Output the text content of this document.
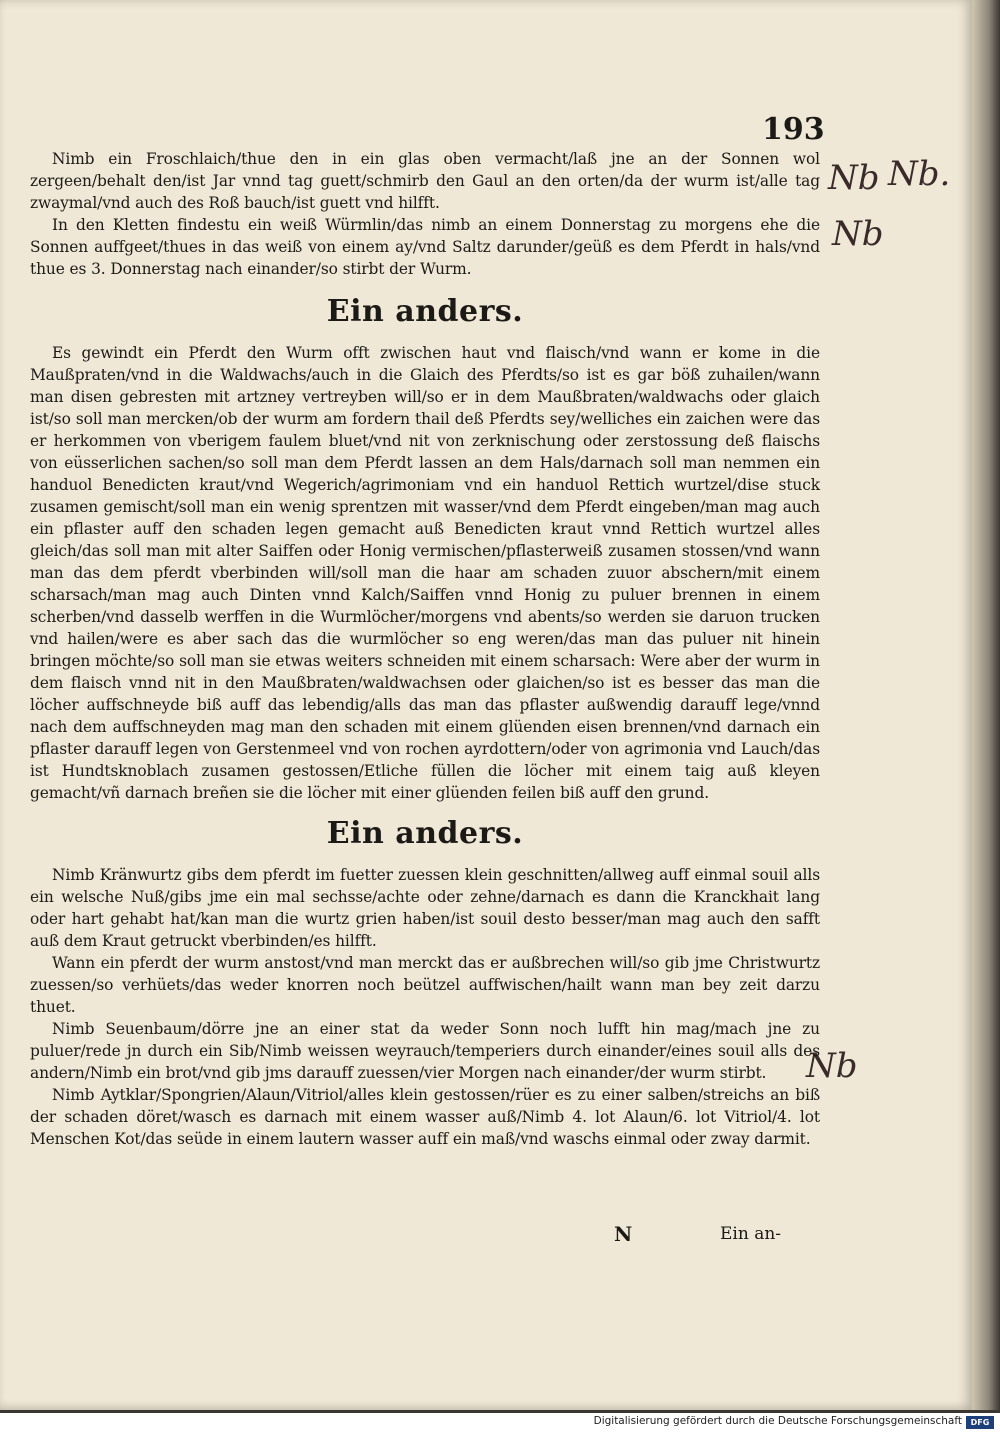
193
Nb Nb.
Nb
Nb

Nimb ein Froschlaich/thue den in ein glas oben vermacht/laß jne an der Sonnen wol zergeen/behalt den/ist Jar vnnd tag guett/schmirb den Gaul an den orten/da der wurm ist/alle tag zwaymal/vnd auch des Roß bauch/ist guett vnd hilfft.

In den Kletten findestu ein weiß Würmlin/das nimb an einem Donnerstag zu morgens ehe die Sonnen auffgeet/thues in das weiß von einem ay/vnd Saltz darunder/geüß es dem Pferdt in hals/vnd thue es 3. Donnerstag nach einander/so stirbt der Wurm.

Ein anders.

Es gewindt ein Pferdt den Wurm offt zwischen haut vnd flaisch/vnd wann er kome in die Maußpraten/vnd in die Waldwachs/auch in die Glaich des Pferdts/so ist es gar böß zuhailen/wann man disen gebresten mit artzney vertreyben will/so er in dem Maußbraten/waldwachs oder glaich ist/so soll man mercken/ob der wurm am fordern thail deß Pferdts sey/welliches ein zaichen were das er herkommen von vberigem faulem bluet/vnd nit von zerknischung oder zerstossung deß flaischs von eüsserlichen sachen/so soll man dem Pferdt lassen an dem Hals/darnach soll man nemmen ein handuol Benedicten kraut/vnd Wegerich/agrimoniam vnd ein handuol Rettich wurtzel/dise stuck zusamen gemischt/soll man ein wenig sprentzen mit wasser/vnd dem Pferdt eingeben/man mag auch ein pflaster auff den schaden legen gemacht auß Benedicten kraut vnnd Rettich wurtzel alles gleich/das soll man mit alter Saiffen oder Honig vermischen/pflasterweiß zusamen stossen/vnd wann man das dem pferdt vberbinden will/soll man die haar am schaden zuuor abschern/mit einem scharsach/man mag auch Dinten vnnd Kalch/Saiffen vnnd Honig zu puluer brennen in einem scherben/vnd dasselb werffen in die Wurmlöcher/morgens vnd abents/so werden sie daruon trucken vnd hailen/were es aber sach das die wurmlöcher so eng weren/das man das puluer nit hinein bringen möchte/so soll man sie etwas weiters schneiden mit einem scharsach: Were aber der wurm in dem flaisch vnnd nit in den Maußbraten/waldwachsen oder glaichen/so ist es besser das man die löcher auffschneyde biß auff das lebendig/alls das man das pflaster außwendig darauff lege/vnnd nach dem auffschneyden mag man den schaden mit einem glüenden eisen brennen/vnd darnach ein pflaster darauff legen von Gerstenmeel vnd von rochen ayrdottern/oder von agrimonia vnd Lauch/das ist Hundtsknoblach zusamen gestossen/Etliche füllen die löcher mit einem taig auß kleyen gemacht/vñ darnach breñen sie die löcher mit einer glüenden feilen biß auff den grund.

Ein anders.

Nimb Kränwurtz gibs dem pferdt im fuetter zuessen klein geschnitten/allweg auff einmal souil alls ein welsche Nuß/gibs jme ein mal sechsse/achte oder zehne/darnach es dann die Kranckhait lang oder hart gehabt hat/kan man die wurtz grien haben/ist souil desto besser/man mag auch den safft auß dem Kraut getruckt vberbinden/es hilfft.

Wann ein pferdt der wurm anstost/vnd man merckt das er außbrechen will/so gib jme Christwurtz zuessen/so verhüets/das weder knorren noch beützel auffwischen/hailt wann man bey zeit darzu thuet.

Nimb Seuenbaum/dörre jne an einer stat da weder Sonn noch lufft hin mag/mach jne zu puluer/rede jn durch ein Sib/Nimb weissen weyrauch/temperiers durch einander/eines souil alls des andern/Nimb ein brot/vnd gib jms darauff zuessen/vier Morgen nach einander/der wurm stirbt.

Nimb Aytklar/Spongrien/Alaun/Vitriol/alles klein gestossen/rüer es zu einer salben/streichs an biß der schaden döret/wasch es darnach mit einem wasser auß/Nimb 4. lot Alaun/6. lot Vitriol/4. lot Menschen Kot/das seüde in einem lautern wasser auff ein maß/vnd waschs einmal oder zway darmit.

N	Ein an-
Digitalisierung gefördert durch die Deutsche Forschungsgemeinschaft	DFG
